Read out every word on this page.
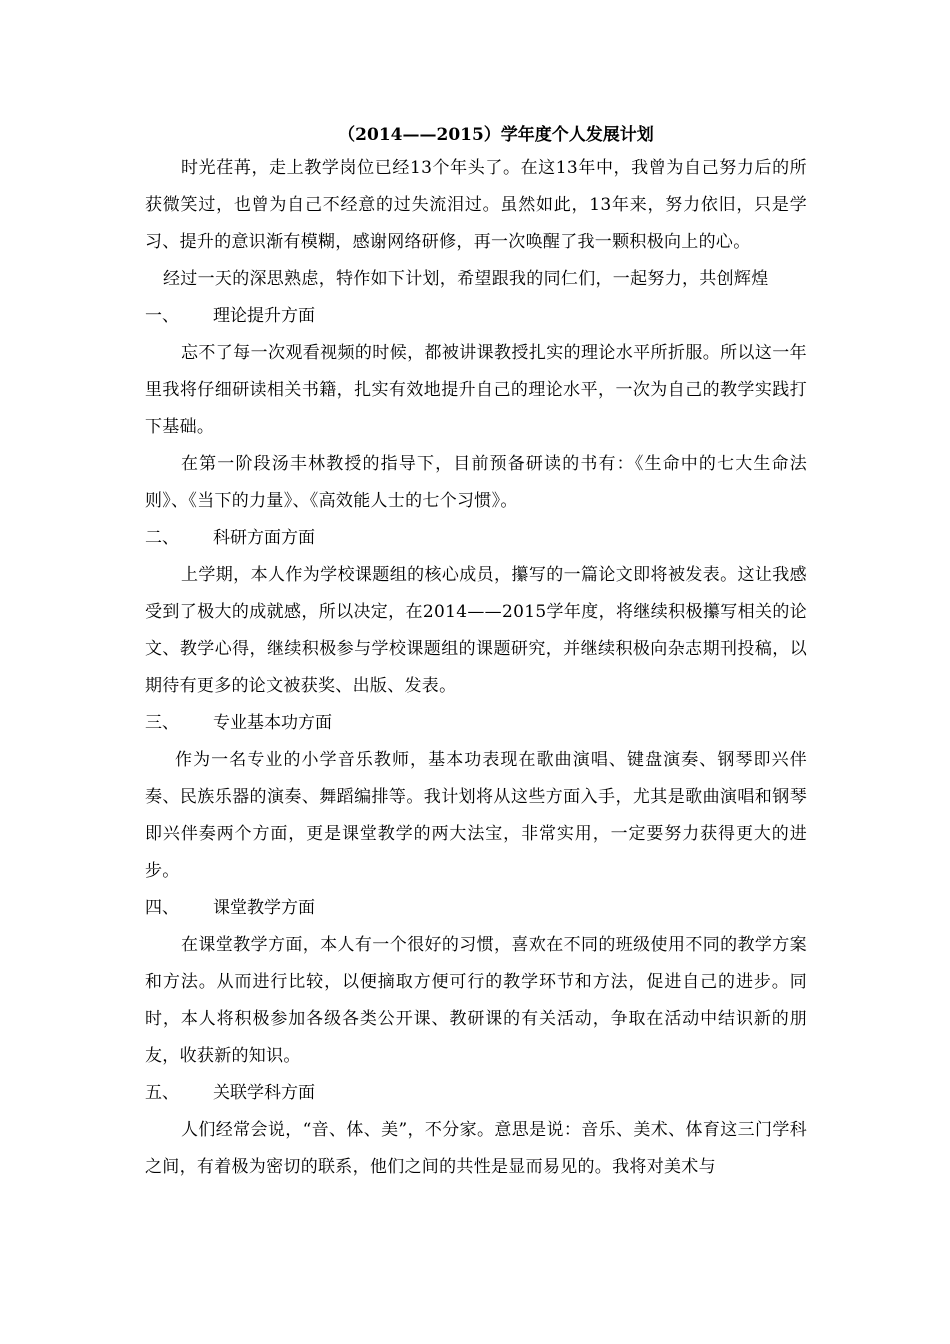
（2014——2015）学年度个人发展计划

时光荏苒，走上教学岗位已经13个年头了。在这13年中，我曾为自己努力后的所获微笑过，也曾为自己不经意的过失流泪过。虽然如此，13年来，努力依旧，只是学习、提升的意识渐有模糊，感谢网络研修，再一次唤醒了我一颗积极向上的心。

经过一天的深思熟虑，特作如下计划，希望跟我的同仁们，一起努力，共创辉煌

一、	理论提升方面

忘不了每一次观看视频的时候，都被讲课教授扎实的理论水平所折服。所以这一年里我将仔细研读相关书籍，扎实有效地提升自己的理论水平，一次为自己的教学实践打下基础。

在第一阶段汤丰林教授的指导下，目前预备研读的书有：《生命中的七大生命法则》、《当下的力量》、《高效能人士的七个习惯》。

二、	科研方面方面

上学期，本人作为学校课题组的核心成员，攥写的一篇论文即将被发表。这让我感受到了极大的成就感，所以决定，在2014——2015学年度，将继续积极攥写相关的论文、教学心得，继续积极参与学校课题组的课题研究，并继续积极向杂志期刊投稿，以期待有更多的论文被获奖、出版、发表。

三、	专业基本功方面

作为一名专业的小学音乐教师，基本功表现在歌曲演唱、键盘演奏、钢琴即兴伴奏、民族乐器的演奏、舞蹈编排等。我计划将从这些方面入手，尤其是歌曲演唱和钢琴即兴伴奏两个方面，更是课堂教学的两大法宝，非常实用，一定要努力获得更大的进步。

四、	课堂教学方面

在课堂教学方面，本人有一个很好的习惯，喜欢在不同的班级使用不同的教学方案和方法。从而进行比较，以便摘取方便可行的教学环节和方法，促进自己的进步。同时，本人将积极参加各级各类公开课、教研课的有关活动，争取在活动中结识新的朋友，收获新的知识。

五、	关联学科方面

人们经常会说，“音、体、美”，不分家。意思是说：音乐、美术、体育这三门学科之间，有着极为密切的联系，他们之间的共性是显而易见的。我将对美术与
